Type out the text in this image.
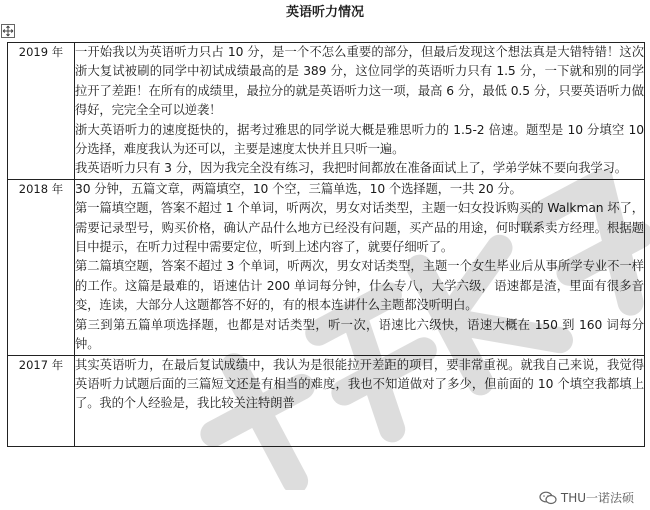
英语听力情况
2019 年	一开始我以为英语听力只占 10 分，是一个不怎么重要的部分，但最后发现这个想法真是大错特错！这次浙大复试被刷的同学中初试成绩最高的是 389 分，这位同学的英语听力只有 1.5 分，一下就和别的同学拉开了差距！在所有的成绩里，最拉分的就是英语听力这一项，最高 6 分，最低 0.5 分，只要英语听力做得好，完完全全可以逆袭！

浙大英语听力的速度挺快的，据考过雅思的同学说大概是雅思听力的 1.5-2 倍速。题型是 10 分填空 10 分选择，难度我认为还可以，主要是速度太快并且只听一遍。

我英语听力只有 3 分，因为我完全没有练习，我把时间都放在准备面试上了，学弟学妹不要向我学习。

2018 年	30 分钟，五篇文章，两篇填空，10 个空，三篇单选，10 个选择题，一共 20 分。

第一篇填空题，答案不超过 1 个单词，听两次，男女对话类型，主题一妇女投诉购买的 Walkman 坏了，需要记录型号，购买价格，确认产品什么地方已经没有问题，买产品的用途，何时联系卖方经理。根据题目中提示，在听力过程中需要定位，听到上述内容了，就要仔细听了。

第二篇填空题，答案不超过 3 个单词，听两次，男女对话类型，主题一个女生毕业后从事所学专业不一样的工作。这篇是最难的，语速估计 200 单词每分钟，什么专八，大学六级，语速都是渣，里面有很多音变，连读，大部分人这题都答不好的，有的根本连讲什么主题都没听明白。

第三到第五篇单项选择题，也都是对话类型，听一次，语速比六级快，语速大概在 150 到 160 词每分钟。

2017 年	其实英语听力，在最后复试成绩中，我认为是很能拉开差距的项目，要非常重视。就我自己来说，我觉得英语听力试题后面的三篇短文还是有相当的难度，我也不知道做对了多少，但前面的 10 个填空我都填上了。我的个人经验是，我比较关注特朗普

THU一诺法硕
